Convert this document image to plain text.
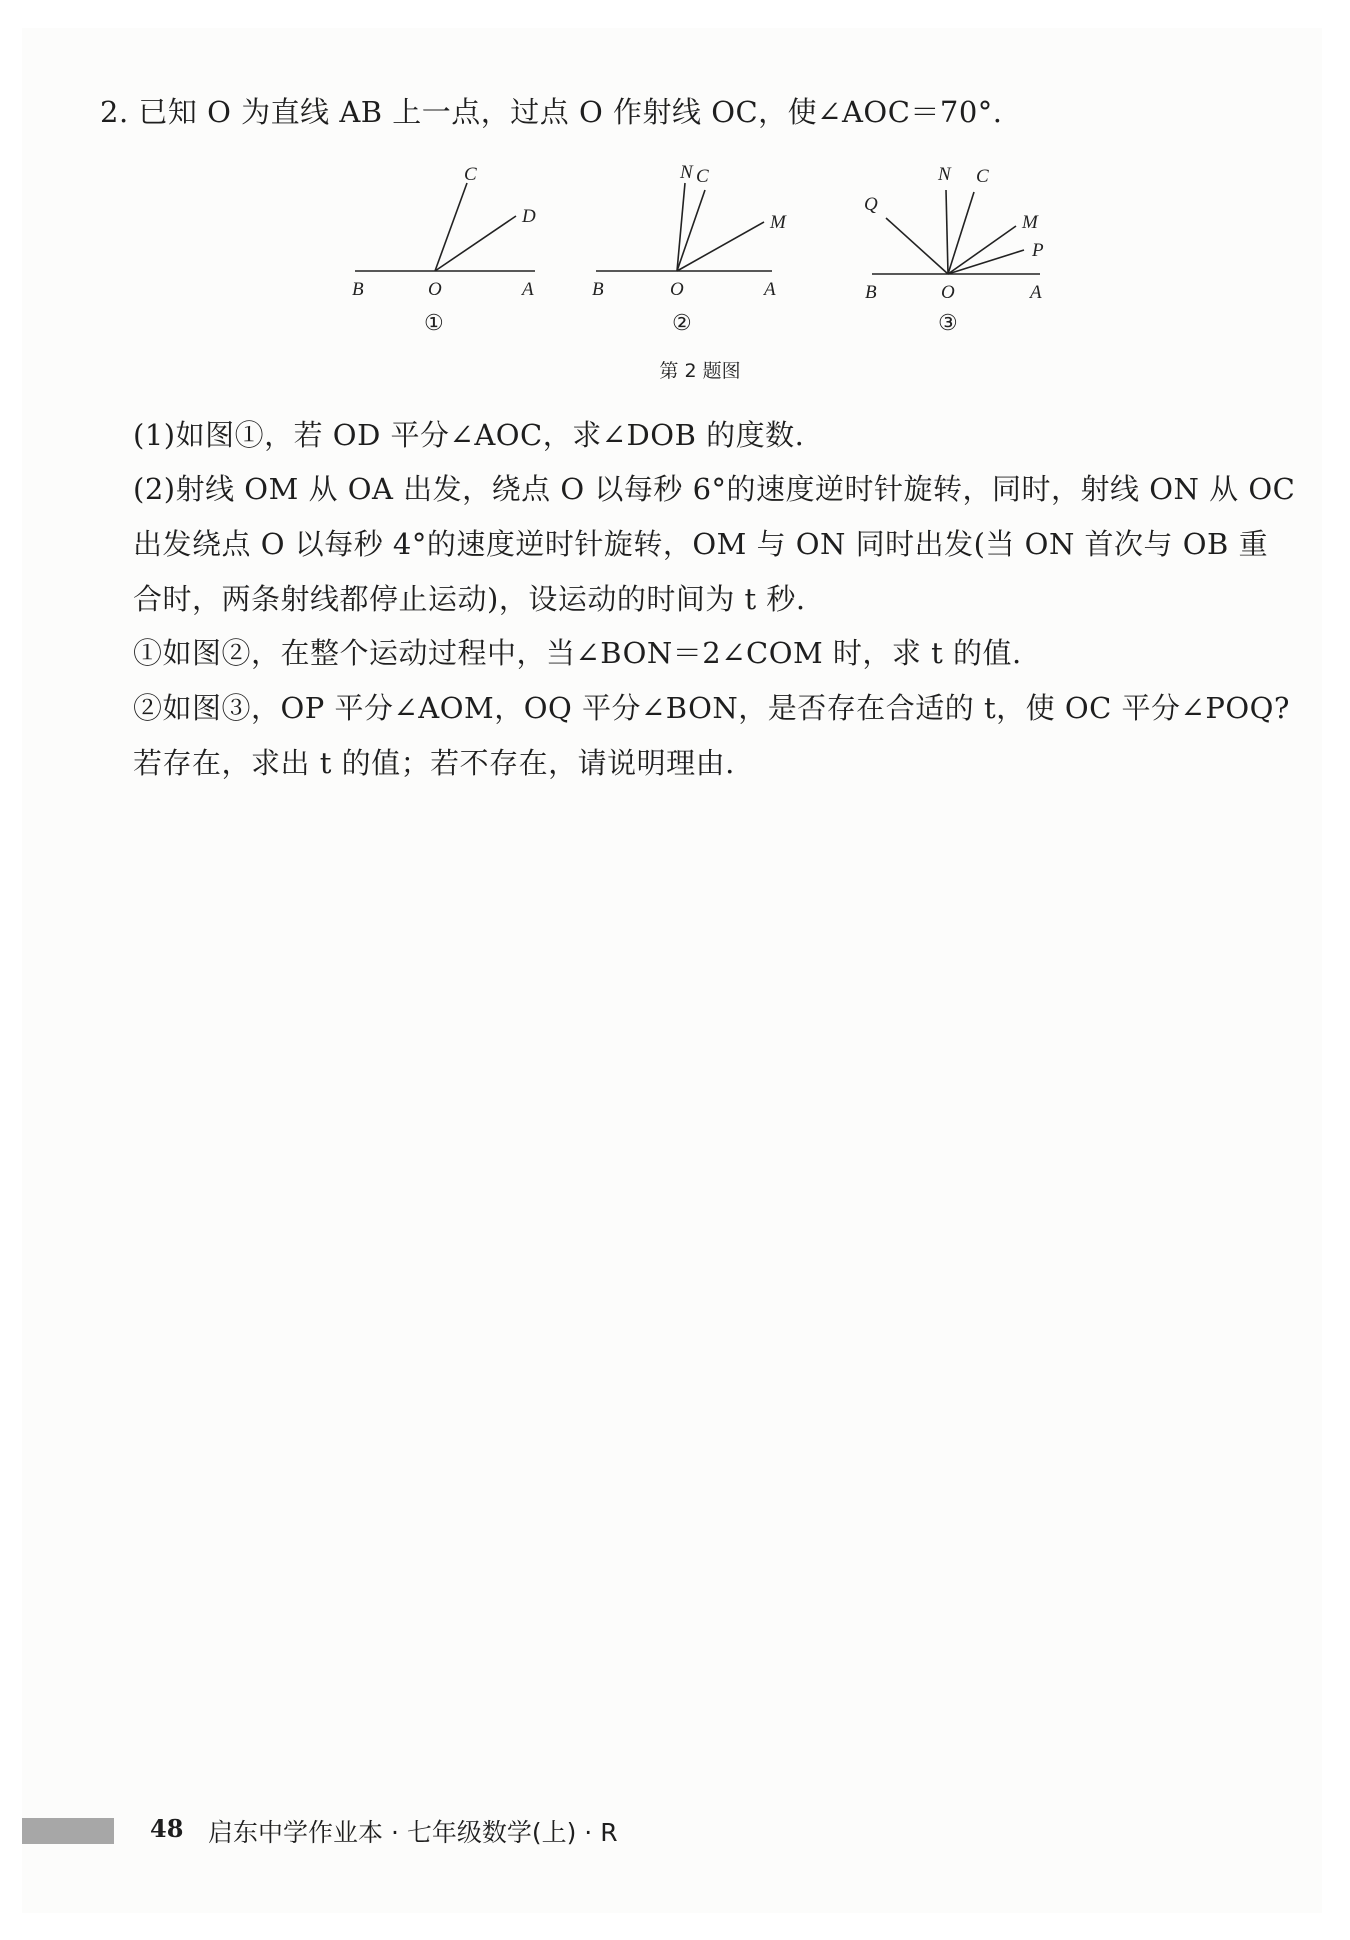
2. 已知 O 为直线 AB 上一点，过点 O 作射线 OC，使∠AOC＝70°.
B	O	A
C
D
①
B	O	A
N C
M
②
B	O	A
N C
M
P
Q
③
第 2 题图
(1)如图①，若 OD 平分∠AOC，求∠DOB 的度数.
(2)射线 OM 从 OA 出发，绕点 O 以每秒 6°的速度逆时针旋转，同时，射线 ON 从 OC
出发绕点 O 以每秒 4°的速度逆时针旋转，OM 与 ON 同时出发(当 ON 首次与 OB 重
合时，两条射线都停止运动)，设运动的时间为 t 秒.
①如图②，在整个运动过程中，当∠BON＝2∠COM 时，求 t 的值.
②如图③，OP 平分∠AOM，OQ 平分∠BON，是否存在合适的 t，使 OC 平分∠POQ?
若存在，求出 t 的值；若不存在，请说明理由.
48 启东中学作业本 · 七年级数学(上) · R
